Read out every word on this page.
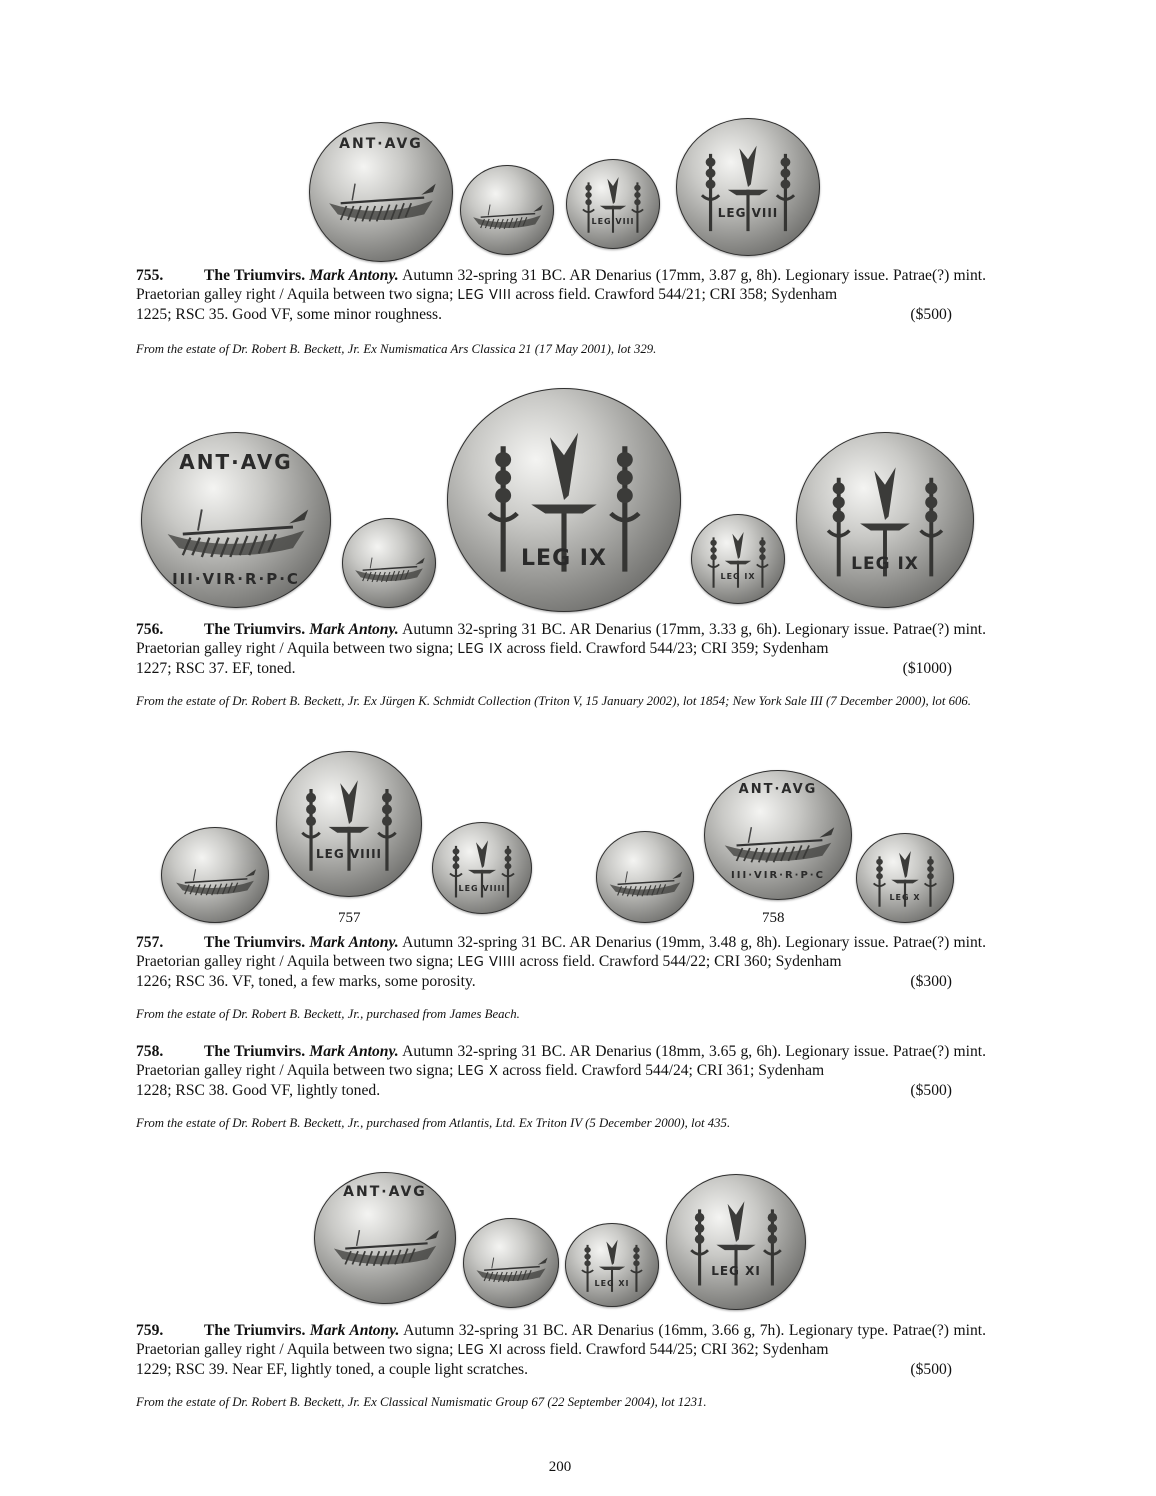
ANT·AVG
LEG VIII
LEG VIII

755.	The Triumvirs. Mark Antony. Autumn 32-spring 31 BC. AR Denarius (17mm, 3.87 g, 8h). Legionary issue. Patrae(?) mint. Praetorian galley right / Aquila between two signa; LEG VIII across field. Crawford 544/21; CRI 358; Sydenham

1225; RSC 35. Good VF, some minor roughness.	($500)
From the estate of Dr. Robert B. Beckett, Jr. Ex Numismatica Ars Classica 21 (17 May 2001), lot 329.
ANT·AVG
III·VIR·R·P·C
LEG IX
LEG IX
LEG IX

756.	The Triumvirs. Mark Antony. Autumn 32-spring 31 BC. AR Denarius (17mm, 3.33 g, 6h). Legionary issue. Patrae(?) mint. Praetorian galley right / Aquila between two signa; LEG IX across field. Crawford 544/23; CRI 359; Sydenham

1227; RSC 37. EF, toned.	($1000)
From the estate of Dr. Robert B. Beckett, Jr. Ex Jürgen K. Schmidt Collection (Triton V, 15 January 2002), lot 1854; New York Sale III (7 December 2000), lot 606.
LEG VIIII
LEG VIIII
ANT·AVG
III·VIR·R·P·C
LEG X
757	758

757.	The Triumvirs. Mark Antony. Autumn 32-spring 31 BC. AR Denarius (19mm, 3.48 g, 8h). Legionary issue. Patrae(?) mint. Praetorian galley right / Aquila between two signa; LEG VIIII across field. Crawford 544/22; CRI 360; Sydenham

1226; RSC 36. VF, toned, a few marks, some porosity.	($300)
From the estate of Dr. Robert B. Beckett, Jr., purchased from James Beach.

758.	The Triumvirs. Mark Antony. Autumn 32-spring 31 BC. AR Denarius (18mm, 3.65 g, 6h). Legionary issue. Patrae(?) mint. Praetorian galley right / Aquila between two signa; LEG X across field. Crawford 544/24; CRI 361; Sydenham

1228; RSC 38. Good VF, lightly toned.	($500)
From the estate of Dr. Robert B. Beckett, Jr., purchased from Atlantis, Ltd. Ex Triton IV (5 December 2000), lot 435.
ANT·AVG
LEG XI
LEG XI

759.	The Triumvirs. Mark Antony. Autumn 32-spring 31 BC. AR Denarius (16mm, 3.66 g, 7h). Legionary type. Patrae(?) mint. Praetorian galley right / Aquila between two signa; LEG XI across field. Crawford 544/25; CRI 362; Sydenham

1229; RSC 39. Near EF, lightly toned, a couple light scratches.	($500)
From the estate of Dr. Robert B. Beckett, Jr. Ex Classical Numismatic Group 67 (22 September 2004), lot 1231.
200
